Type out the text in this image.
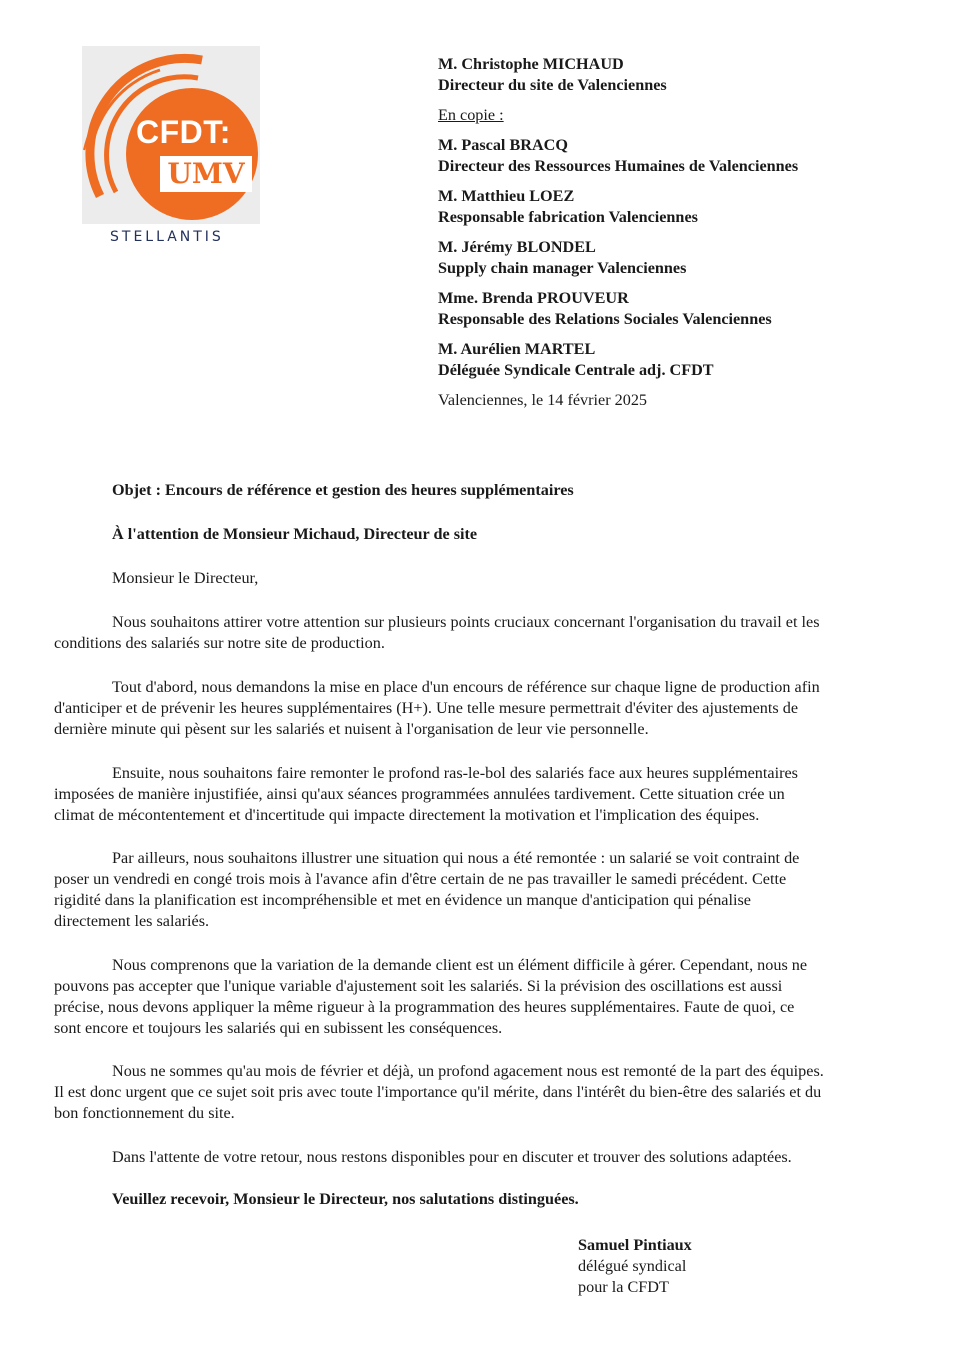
CFDT:
UMV
STELLANTIS
M. Christophe MICHAUD
Directeur du site de Valenciennes
En copie :
M. Pascal BRACQ
Directeur des Ressources Humaines de Valenciennes
M. Matthieu LOEZ
Responsable fabrication Valenciennes
M. Jérémy BLONDEL
Supply chain manager Valenciennes
Mme. Brenda PROUVEUR
Responsable des Relations Sociales Valenciennes
M. Aurélien MARTEL
Déléguée Syndicale Centrale adj. CFDT
Valenciennes, le 14 février 2025
Objet : Encours de référence et gestion des heures supplémentaires
À l'attention de Monsieur Michaud, Directeur de site
Monsieur le Directeur,
Nous souhaitons attirer votre attention sur plusieurs points cruciaux concernant l'organisation du travail et les
conditions des salariés sur notre site de production.
Tout d'abord, nous demandons la mise en place d'un encours de référence sur chaque ligne de production afin
d'anticiper et de prévenir les heures supplémentaires (H+). Une telle mesure permettrait d'éviter des ajustements de
dernière minute qui pèsent sur les salariés et nuisent à l'organisation de leur vie personnelle.
Ensuite, nous souhaitons faire remonter le profond ras-le-bol des salariés face aux heures supplémentaires
imposées de manière injustifiée, ainsi qu'aux séances programmées annulées tardivement. Cette situation crée un
climat de mécontentement et d'incertitude qui impacte directement la motivation et l'implication des équipes.
Par ailleurs, nous souhaitons illustrer une situation qui nous a été remontée : un salarié se voit contraint de
poser un vendredi en congé trois mois à l'avance afin d'être certain de ne pas travailler le samedi précédent. Cette
rigidité dans la planification est incompréhensible et met en évidence un manque d'anticipation qui pénalise
directement les salariés.
Nous comprenons que la variation de la demande client est un élément difficile à gérer. Cependant, nous ne
pouvons pas accepter que l'unique variable d'ajustement soit les salariés. Si la prévision des oscillations est aussi
précise, nous devons appliquer la même rigueur à la programmation des heures supplémentaires. Faute de quoi, ce
sont encore et toujours les salariés qui en subissent les conséquences.
Nous ne sommes qu'au mois de février et déjà, un profond agacement nous est remonté de la part des équipes.
Il est donc urgent que ce sujet soit pris avec toute l'importance qu'il mérite, dans l'intérêt du bien-être des salariés et du
bon fonctionnement du site.
Dans l'attente de votre retour, nous restons disponibles pour en discuter et trouver des solutions adaptées.
Veuillez recevoir, Monsieur le Directeur, nos salutations distinguées.
Samuel Pintiaux
délégué syndical
pour la CFDT
